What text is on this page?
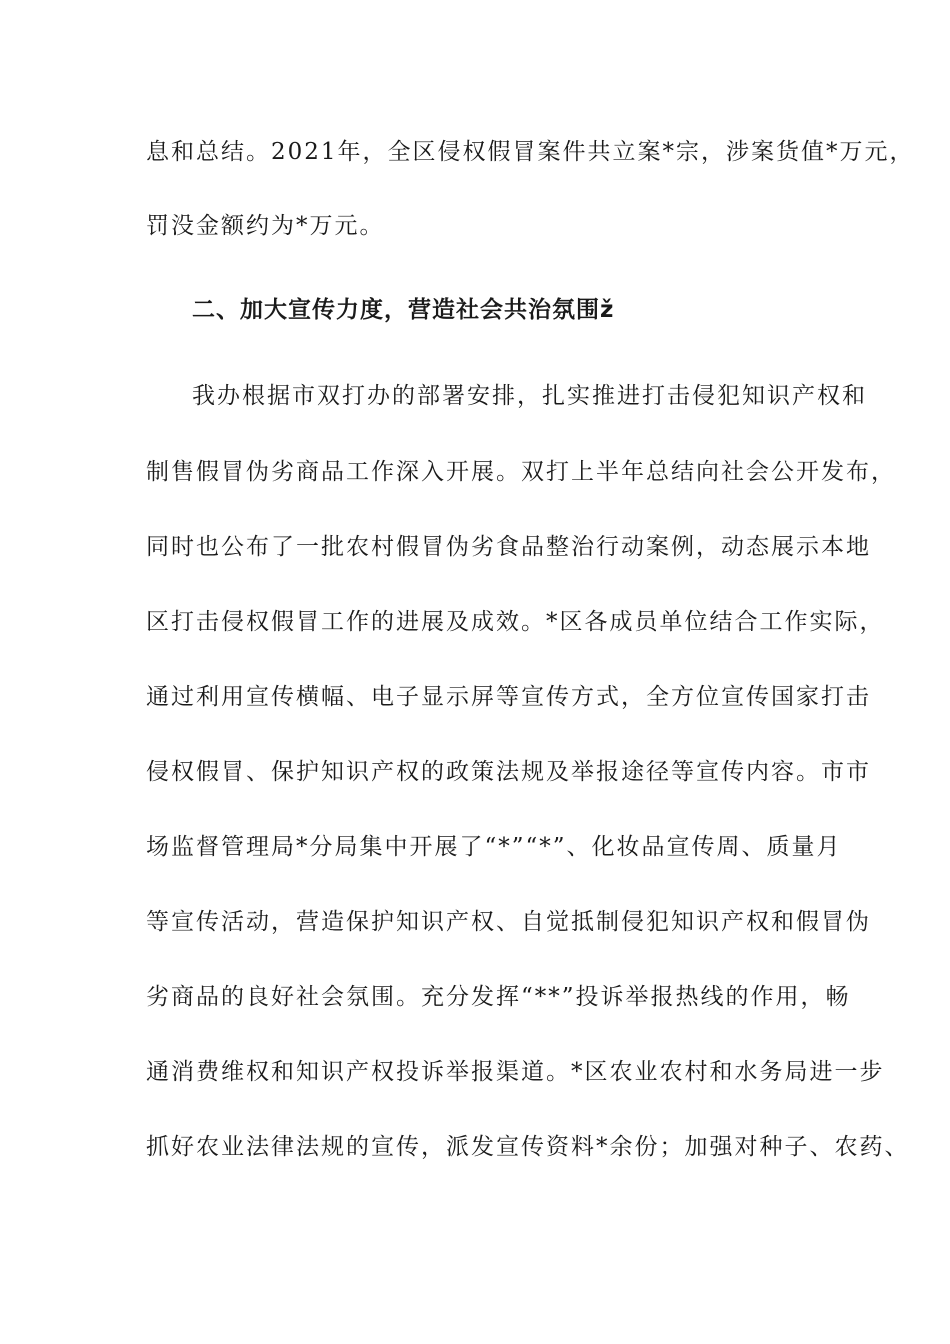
息和总结。2021年，全区侵权假冒案件共立案*宗，涉案货值*万元，
罚没金额约为*万元。
二、加大宣传力度，营造社会共治氛围ž
我办根据市双打办的部署安排，扎实推进打击侵犯知识产权和
制售假冒伪劣商品工作深入开展。双打上半年总结向社会公开发布，
同时也公布了一批农村假冒伪劣食品整治行动案例，动态展示本地
区打击侵权假冒工作的进展及成效。*区各成员单位结合工作实际，
通过利用宣传横幅、电子显示屏等宣传方式，全方位宣传国家打击
侵权假冒、保护知识产权的政策法规及举报途径等宣传内容。市市
场监督管理局*分局集中开展了“*”“*”、化妆品宣传周、质量月
等宣传活动，营造保护知识产权、自觉抵制侵犯知识产权和假冒伪
劣商品的良好社会氛围。充分发挥“**”投诉举报热线的作用，畅
通消费维权和知识产权投诉举报渠道。*区农业农村和水务局进一步
抓好农业法律法规的宣传，派发宣传资料*余份；加强对种子、农药、
